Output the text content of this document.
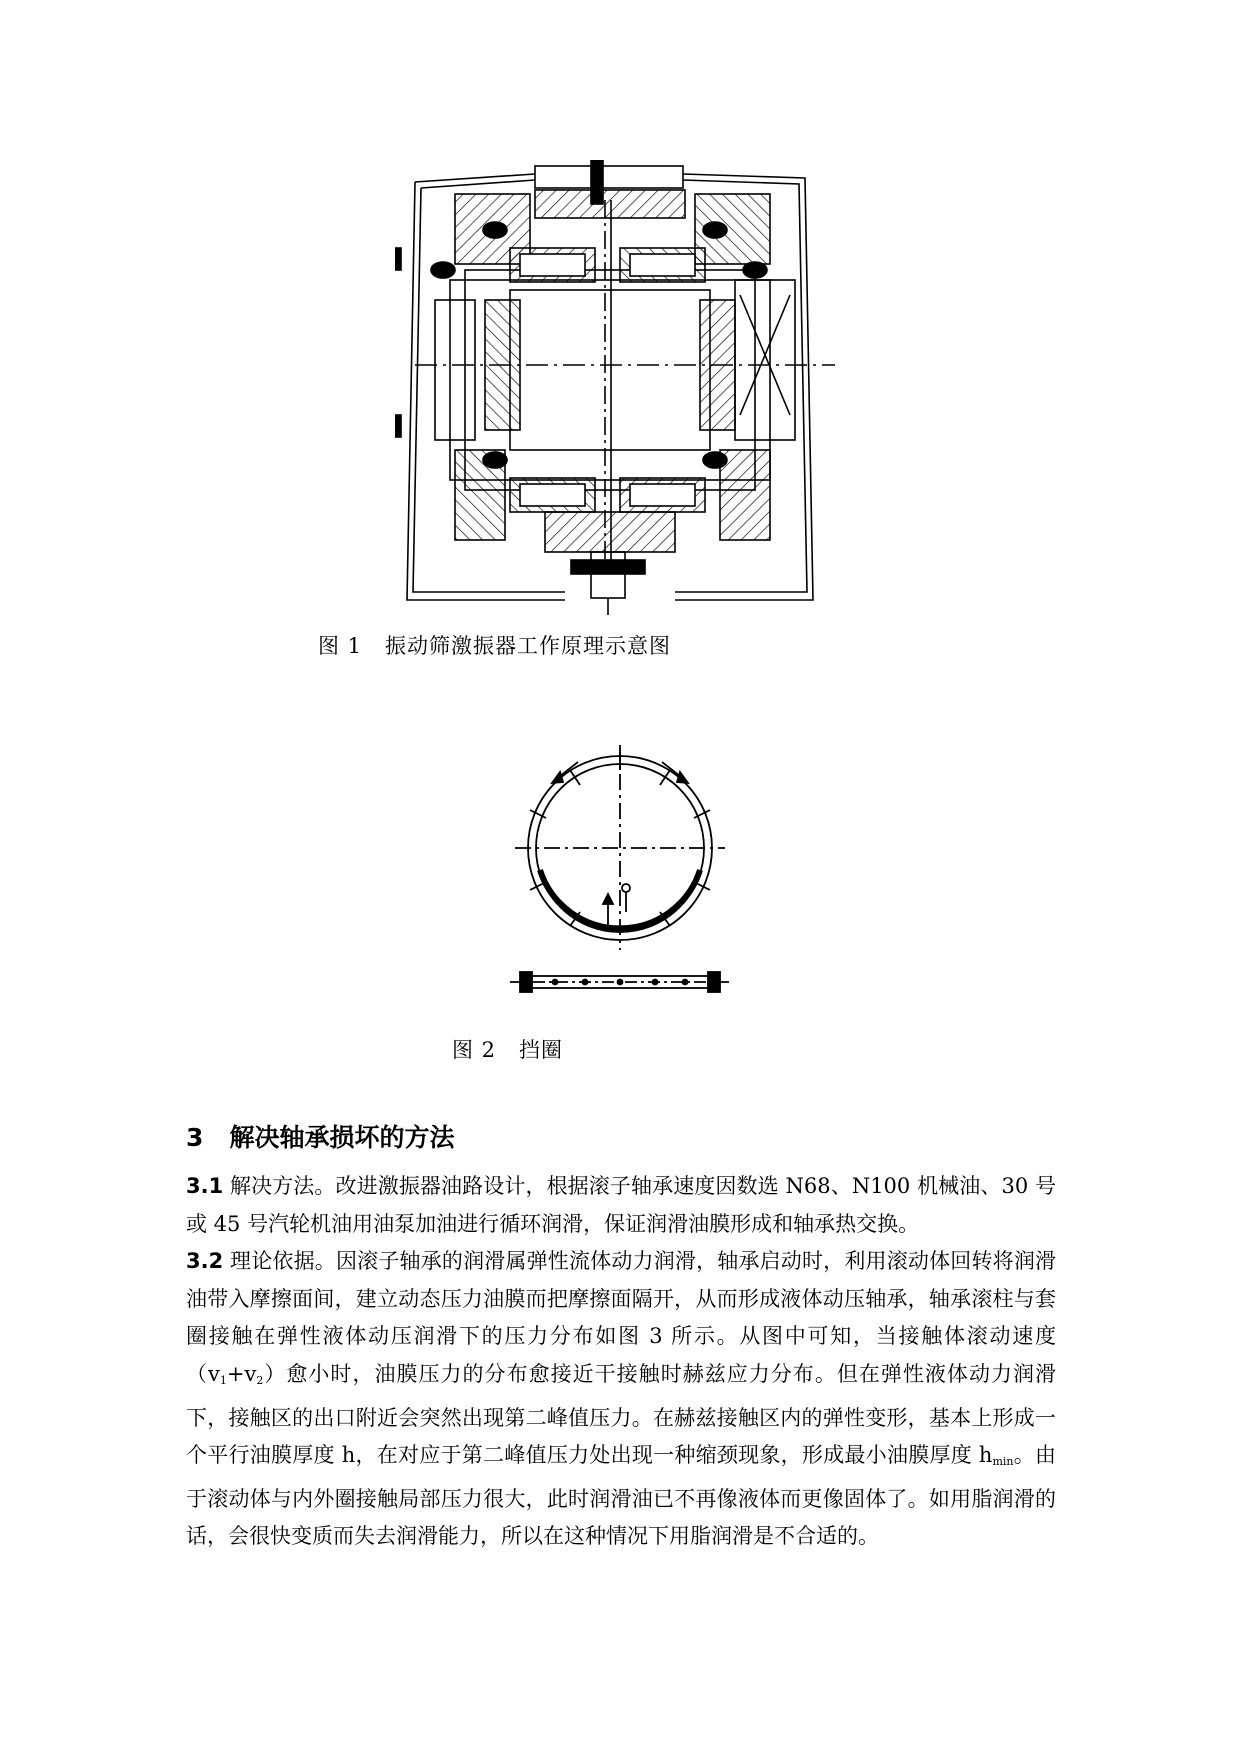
图 1   振动筛激振器工作原理示意图
图 2   挡圈
3   解决轴承损坏的方法

3.1 解决方法。改进激振器油路设计，根据滚子轴承速度因数选 N68、N100 机械油、30 号或 45 号汽轮机油用油泵加油进行循环润滑，保证润滑油膜形成和轴承热交换。

3.2 理论依据。因滚子轴承的润滑属弹性流体动力润滑，轴承启动时，利用滚动体回转将润滑油带入摩擦面间，建立动态压力油膜而把摩擦面隔开，从而形成液体动压轴承，轴承滚柱与套圈接触在弹性液体动压润滑下的压力分布如图 3 所示。从图中可知，当接触体滚动速度$(v_1+v_2)$愈小时，油膜压力的分布愈接近干接触时赫兹应力分布。但在弹性液体动力润滑下，接触区的出口附近会突然出现第二峰值压力。在赫兹接触区内的弹性变形，基本上形成一个平行油膜厚度 h，在对应于第二峰值压力处出现一种缩颈现象，形成最小油膜厚度 $h_{min}$。由于滚动体与内外圈接触局部压力很大，此时润滑油已不再像液体而更像固体了。如用脂润滑的话，会很快变质而失去润滑能力，所以在这种情况下用脂润滑是不合适的。
